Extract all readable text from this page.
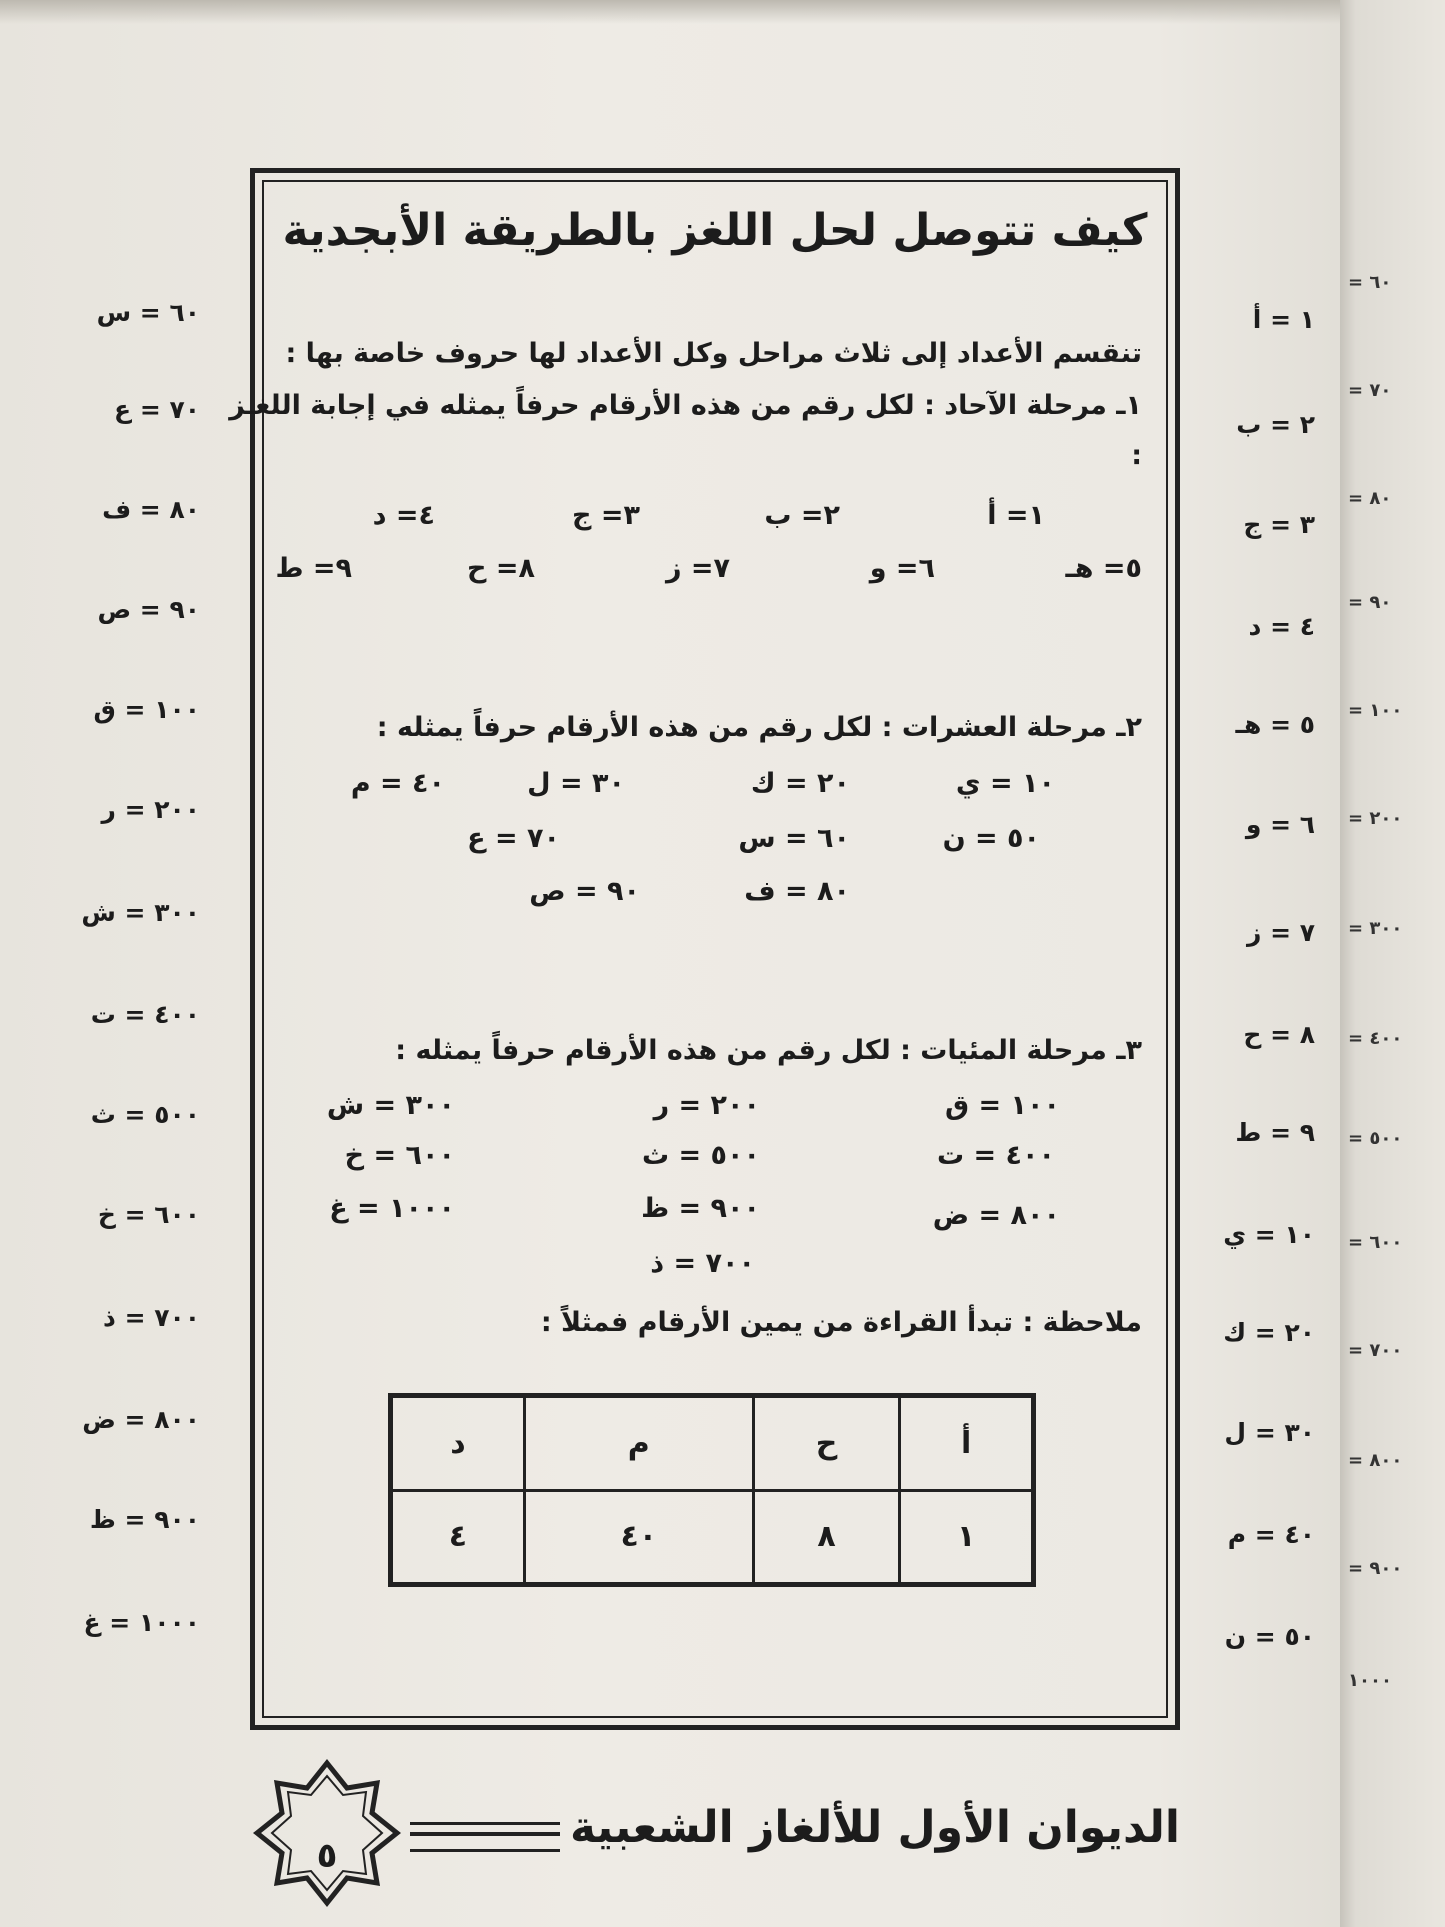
٦٠ = س
٧٠ = ع
٨٠ = ف
٩٠ = ص
١٠٠ = ق
٢٠٠ = ر
٣٠٠ = ش
٤٠٠ = ت
٥٠٠ = ث
٦٠٠ = خ
٧٠٠ = ذ
٨٠٠ = ض
٩٠٠ = ظ
١٠٠٠ = غ
١ = أ
٢ = ب
٣ = ج
٤ = د
٥ = هـ
٦ = و
٧ = ز
٨ = ح
٩ = ط
١٠ = ي
٢٠ = ك
٣٠ = ل
٤٠ = م
٥٠ = ن
٦٠ =
٧٠ =
٨٠ =
٩٠ =
١٠٠ =
٢٠٠ =
٣٠٠ =
٤٠٠ =
٥٠٠ =
٦٠٠ =
٧٠٠ =
٨٠٠ =
٩٠٠ =
١٠٠٠
كيف تتوصل لحل اللغز بالطريقة الأبجدية
تنقسم الأعداد إلى ثلاث مراحل وكل الأعداد لها حروف خاصة بها :
١ـ مرحلة الآحاد : لكل رقم من هذه الأرقام حرفاً يمثله في إجابة اللغـز
:
١= أ
٢= ب
٣= ج
٤= د
٥= هـ
٦= و
٧= ز
٨= ح
٩= ط
٢ـ مرحلة العشرات : لكل رقم من هذه الأرقام حرفاً يمثله :
١٠ = ي
٢٠ = ك
٣٠ = ل
٤٠ = م
٥٠ = ن
٦٠ = س
٧٠ = ع
٨٠ = ف
٩٠ = ص
٣ـ مرحلة المئيات : لكل رقم من هذه الأرقام حرفاً يمثله :
١٠٠ = ق
٢٠٠ = ر
٣٠٠ = ش
٤٠٠ = ت
٥٠٠ = ث
٦٠٠ = خ
٨٠٠ = ض
٩٠٠ = ظ
١٠٠٠ = غ
٧٠٠ = ذ
ملاحظة : تبدأ القراءة من يمين الأرقام فمثلاً :
أ	ح	م	د
١	٨	٤٠	٤
الديوان الأول للألغاز الشعبية
٥
